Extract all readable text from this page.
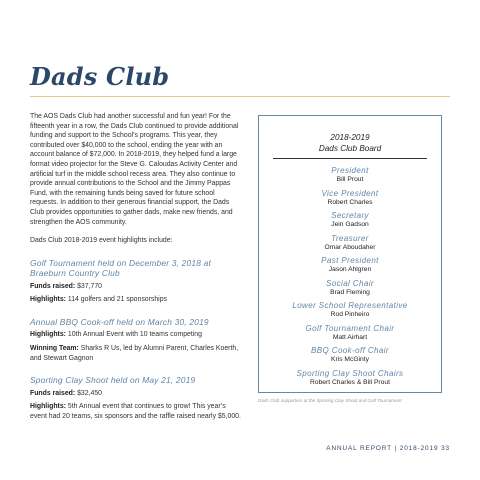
Dads Club

The AOS Dads Club had another successful and fun year! For the fifteenth year in a row, the Dads Club continued to provide additional funding and support to the School’s programs. This year, they contributed over $40,000 to the school, ending the year with an account balance of $72,000. In 2018-2019, they helped fund a large format video projector for the Steve G. Caloudas Activity Center and artificial turf in the middle school recess area. They also continue to provide annual contributions to the School and the Jimmy Pappas Fund, with the remaining funds being saved for future school requests. In addition to their generous financial support, the Dads Club provides opportunities to gather dads, make new friends, and strengthen the AOS community.

Dads Club 2018-2019 event highlights include:

Golf Tournament held on December 3, 2018 at Braeburn Country Club
Funds raised: $37,770
Highlights: 114 golfers and 21 sponsorships
Annual BBQ Cook-off held on March 30, 2019
Highlights: 10th Annual Event with 10 teams competing
Winning Team: Sharks R Us, led by Alumni Parent, Charles Koerth, and Stewart Gagnon
Sporting Clay Shoot held on May 21, 2019
Funds raised: $32,450
Highlights: 5th Annual event that continues to grow! This year’s event had 20 teams, six sponsors and the raffle raised nearly $5,000.
2018-2019
Dads Club Board
President
Bill Prout
Vice President
Robert Charles
Secretary
Jein Gadson
Treasurer
Omar Aboudaher
Past President
Jason Ahlgren
Social Chair
Brad Fleming
Lower School Representative
Rod Pinheiro
Golf Tournament Chair
Matt Airhart
BBQ Cook-off Chair
Kris McGinty
Sporting Clay Shoot Chairs
Robert Charles & Bill Prout
Dads Club supporters at the Sporting Clay Shoot and Golf Tournament
ANNUAL REPORT | 2018-2019 33
